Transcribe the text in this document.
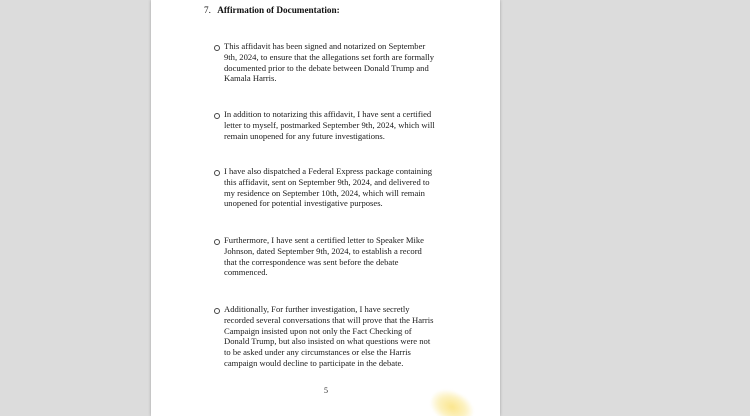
7. Affirmation of Documentation:
This affidavit has been signed and notarized on September
9th, 2024, to ensure that the allegations set forth are formally
documented prior to the debate between Donald Trump and
Kamala Harris.
In addition to notarizing this affidavit, I have sent a certified
letter to myself, postmarked September 9th, 2024, which will
remain unopened for any future investigations.
I have also dispatched a Federal Express package containing
this affidavit, sent on September 9th, 2024, and delivered to
my residence on September 10th, 2024, which will remain
unopened for potential investigative purposes.
Furthermore, I have sent a certified letter to Speaker Mike
Johnson, dated September 9th, 2024, to establish a record
that the correspondence was sent before the debate
commenced.
Additionally, For further investigation, I have secretly
recorded several conversations that will prove that the Harris
Campaign insisted upon not only the Fact Checking of
Donald Trump, but also insisted on what questions were not
to be asked under any circumstances or else the Harris
campaign would decline to participate in the debate.
5
